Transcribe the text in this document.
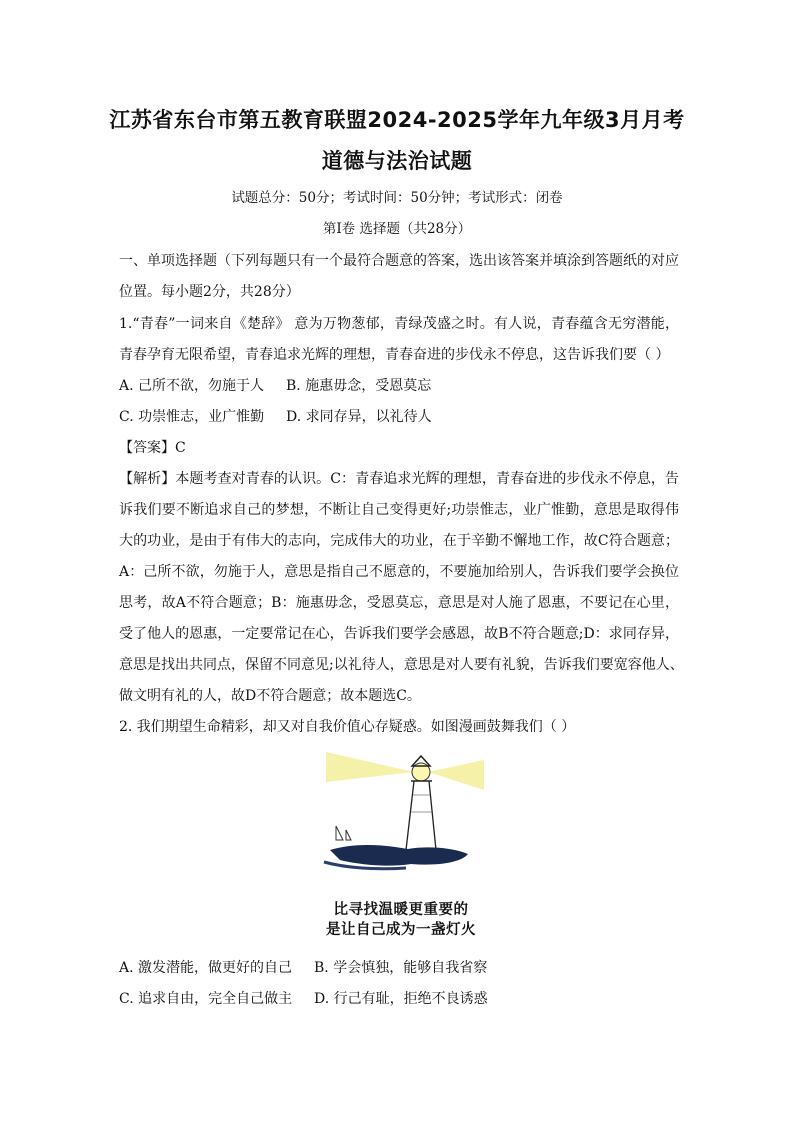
江苏省东台市第五教育联盟2024-2025学年九年级3月月考
道德与法治试题
试题总分：50分；考试时间：50分钟；考试形式：闭卷
第Ⅰ卷 选择题（共28分）
一、单项选择题（下列每题只有一个最符合题意的答案，选出该答案并填涂到答题纸的对应
位置。每小题2分，共28分）
1.“青春”一词来自《楚辞》 意为万物葱郁，青绿茂盛之时。有人说，青春蕴含无穷潜能，
青春孕育无限希望，青春追求光辉的理想，青春奋进的步伐永不停息，这告诉我们要（ ）
A. 己所不欲，勿施于人 B. 施惠毋念，受恩莫忘
C. 功崇惟志，业广惟勤 D. 求同存异，以礼待人
【答案】C
【解析】本题考查对青春的认识。C：青春追求光辉的理想，青春奋进的步伐永不停息，告
诉我们要不断追求自己的梦想，不断让自己变得更好;功崇惟志，业广惟勤，意思是取得伟
大的功业，是由于有伟大的志向，完成伟大的功业，在于辛勤不懈地工作，故C符合题意；
A：己所不欲，勿施于人，意思是指自己不愿意的，不要施加给别人，告诉我们要学会换位
思考，故A不符合题意；B：施惠毋念，受恩莫忘，意思是对人施了恩惠，不要记在心里，
受了他人的恩惠，一定要常记在心，告诉我们要学会感恩，故B不符合题意;D：求同存异，
意思是找出共同点，保留不同意见;以礼待人，意思是对人要有礼貌，告诉我们要宽容他人、
做文明有礼的人，故D不符合题意；故本题选C。
2. 我们期望生命精彩，却又对自我价值心存疑惑。如图漫画鼓舞我们（ ）
比寻找温暖更重要的
是让自己成为一盏灯火
A. 激发潜能，做更好的自己 B. 学会慎独，能够自我省察
C. 追求自由，完全自己做主 D. 行己有耻，拒绝不良诱惑
